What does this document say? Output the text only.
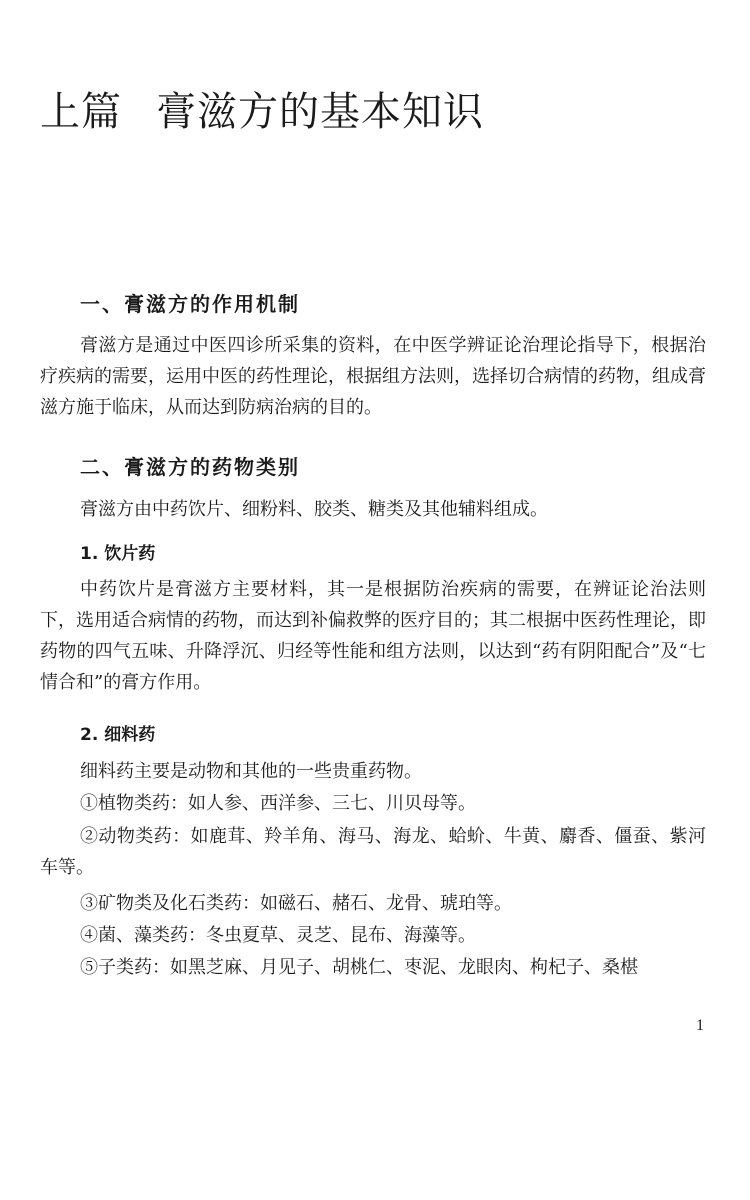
上篇 膏滋方的基本知识
一、膏滋方的作用机制

膏滋方是通过中医四诊所采集的资料，在中医学辨证论治理论指导下，根据治疗疾病的需要，运用中医的药性理论，根据组方法则，选择切合病情的药物，组成膏滋方施于临床，从而达到防病治病的目的。

二、膏滋方的药物类别

膏滋方由中药饮片、细粉料、胶类、糖类及其他辅料组成。

1. 饮片药

中药饮片是膏滋方主要材料，其一是根据防治疾病的需要，在辨证论治法则下，选用适合病情的药物，而达到补偏救弊的医疗目的；其二根据中医药性理论，即药物的四气五味、升降浮沉、归经等性能和组方法则，以达到“药有阴阳配合”及“七情合和”的膏方作用。

2. 细料药

细料药主要是动物和其他的一些贵重药物。

①植物类药：如人参、西洋参、三七、川贝母等。

②动物类药：如鹿茸、羚羊角、海马、海龙、蛤蚧、牛黄、麝香、僵蚕、紫河车等。

③矿物类及化石类药：如磁石、赭石、龙骨、琥珀等。

④菌、藻类药：冬虫夏草、灵芝、昆布、海藻等。

⑤子类药：如黑芝麻、月见子、胡桃仁、枣泥、龙眼肉、枸杞子、桑椹

1
